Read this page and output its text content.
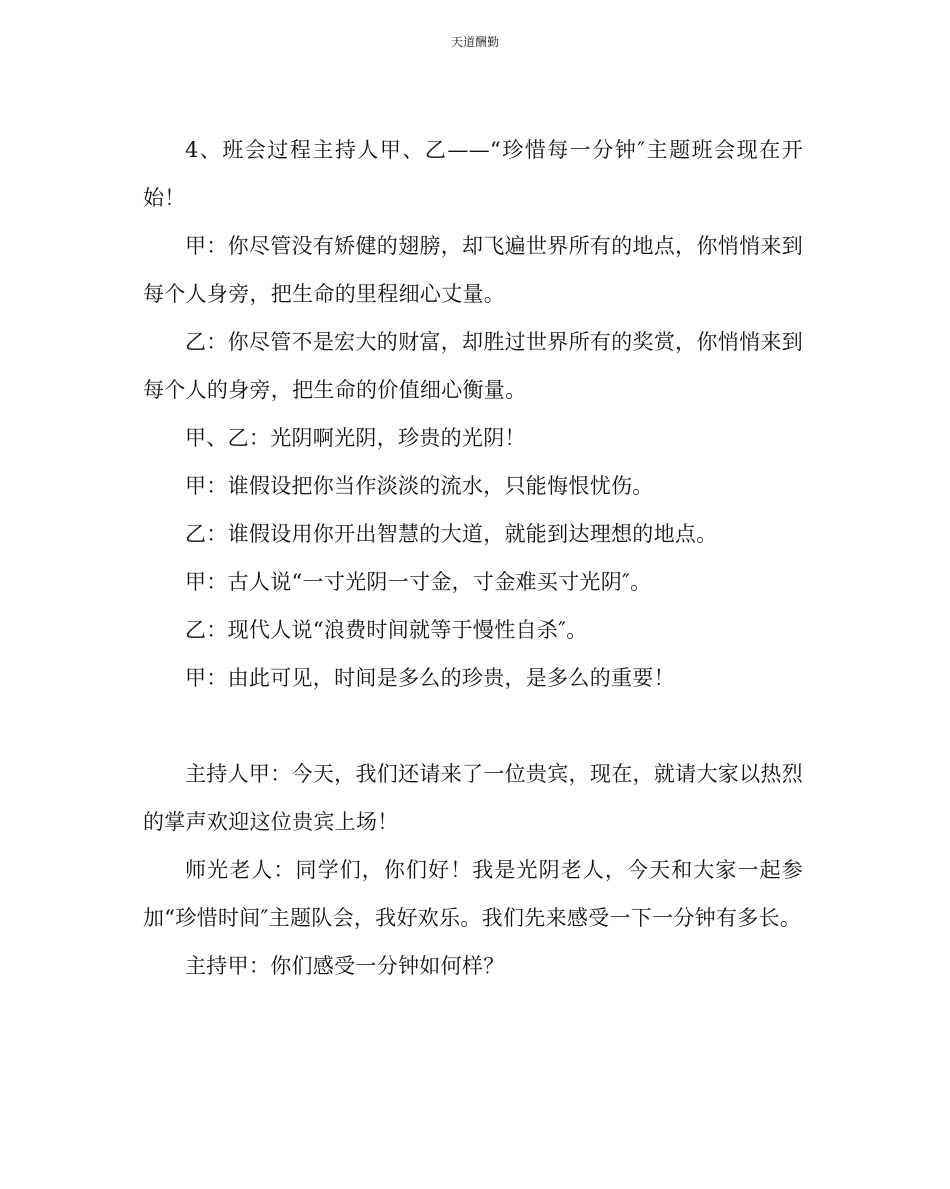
天道酬勤

4、班会过程主持人甲、乙——“珍惜每一分钟″主题班会现在开始！

甲：你尽管没有矫健的翅膀，却飞遍世界所有的地点，你悄悄来到每个人身旁，把生命的里程细心丈量。

乙：你尽管不是宏大的财富，却胜过世界所有的奖赏，你悄悄来到每个人的身旁，把生命的价值细心衡量。

甲、乙：光阴啊光阴，珍贵的光阴！

甲：谁假设把你当作淡淡的流水，只能悔恨忧伤。

乙：谁假设用你开出智慧的大道，就能到达理想的地点。

甲：古人说“一寸光阴一寸金，寸金难买寸光阴″。

乙：现代人说“浪费时间就等于慢性自杀″。

甲：由此可见，时间是多么的珍贵，是多么的重要！

主持人甲：今天，我们还请来了一位贵宾，现在，就请大家以热烈的掌声欢迎这位贵宾上场！

师光老人：同学们，你们好！我是光阴老人，今天和大家一起参加“珍惜时间″主题队会，我好欢乐。我们先来感受一下一分钟有多长。

主持甲：你们感受一分钟如何样？
